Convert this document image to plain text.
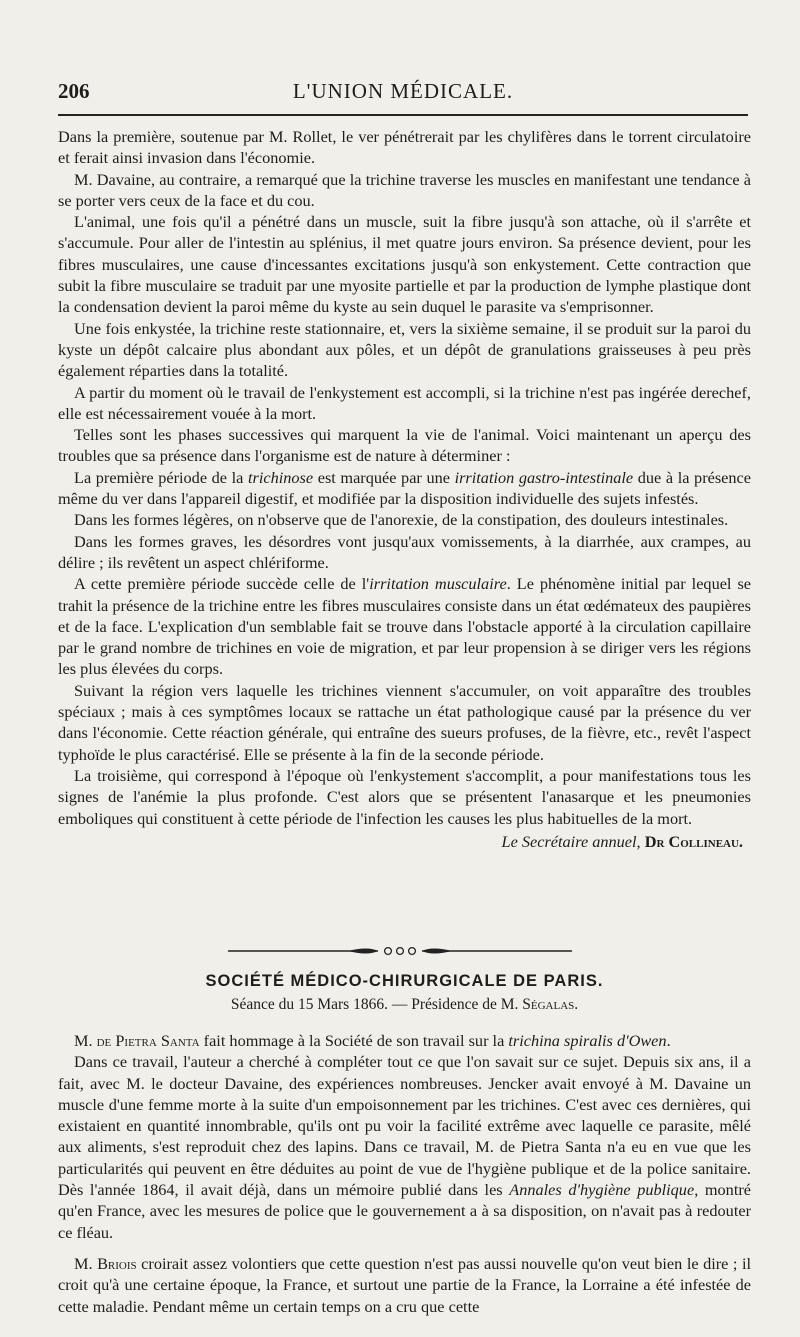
206	L'UNION MÉDICALE.

Dans la première, soutenue par M. Rollet, le ver pénétrerait par les chylifères dans le torrent circulatoire et ferait ainsi invasion dans l'économie.

M. Davaine, au contraire, a remarqué que la trichine traverse les muscles en manifestant une tendance à se porter vers ceux de la face et du cou.

L'animal, une fois qu'il a pénétré dans un muscle, suit la fibre jusqu'à son attache, où il s'arrête et s'accumule. Pour aller de l'intestin au splénius, il met quatre jours environ. Sa présence devient, pour les fibres musculaires, une cause d'incessantes excitations jusqu'à son enkystement. Cette contraction que subit la fibre musculaire se traduit par une myosite partielle et par la production de lymphe plastique dont la condensation devient la paroi même du kyste au sein duquel le parasite va s'emprisonner.

Une fois enkystée, la trichine reste stationnaire, et, vers la sixième semaine, il se produit sur la paroi du kyste un dépôt calcaire plus abondant aux pôles, et un dépôt de granulations graisseuses à peu près également réparties dans la totalité.

A partir du moment où le travail de l'enkystement est accompli, si la trichine n'est pas ingérée derechef, elle est nécessairement vouée à la mort.

Telles sont les phases successives qui marquent la vie de l'animal. Voici maintenant un aperçu des troubles que sa présence dans l'organisme est de nature à déterminer :

La première période de la trichinose est marquée par une irritation gastro-intestinale due à la présence même du ver dans l'appareil digestif, et modifiée par la disposition individuelle des sujets infestés.

Dans les formes légères, on n'observe que de l'anorexie, de la constipation, des douleurs intestinales.

Dans les formes graves, les désordres vont jusqu'aux vomissements, à la diarrhée, aux crampes, au délire ; ils revêtent un aspect chlériforme.

A cette première période succède celle de l'irritation musculaire. Le phénomène initial par lequel se trahit la présence de la trichine entre les fibres musculaires consiste dans un état œdémateux des paupières et de la face. L'explication d'un semblable fait se trouve dans l'obstacle apporté à la circulation capillaire par le grand nombre de trichines en voie de migration, et par leur propension à se diriger vers les régions les plus élevées du corps.

Suivant la région vers laquelle les trichines viennent s'accumuler, on voit apparaître des troubles spéciaux ; mais à ces symptômes locaux se rattache un état pathologique causé par la présence du ver dans l'économie. Cette réaction générale, qui entraîne des sueurs profuses, de la fièvre, etc., revêt l'aspect typhoïde le plus caractérisé. Elle se présente à la fin de la seconde période.

La troisième, qui correspond à l'époque où l'enkystement s'accomplit, a pour manifestations tous les signes de l'anémie la plus profonde. C'est alors que se présentent l'anasarque et les pneumonies emboliques qui constituent à cette période de l'infection les causes les plus habituelles de la mort.

Le Secrétaire annuel, Dr Collineau.
SOCIÉTÉ MÉDICO-CHIRURGICALE DE PARIS.
Séance du 15 Mars 1866. — Présidence de M. Ségalas.

M. de Pietra Santa fait hommage à la Société de son travail sur la trichina spiralis d'Owen.

Dans ce travail, l'auteur a cherché à compléter tout ce que l'on savait sur ce sujet. Depuis six ans, il a fait, avec M. le docteur Davaine, des expériences nombreuses. Jencker avait envoyé à M. Davaine un muscle d'une femme morte à la suite d'un empoisonnement par les trichines. C'est avec ces dernières, qui existaient en quantité innombrable, qu'ils ont pu voir la facilité extrême avec laquelle ce parasite, mêlé aux aliments, s'est reproduit chez des lapins. Dans ce travail, M. de Pietra Santa n'a eu en vue que les particularités qui peuvent en être déduites au point de vue de l'hygiène publique et de la police sanitaire. Dès l'année 1864, il avait déjà, dans un mémoire publié dans les Annales d'hygiène publique, montré qu'en France, avec les mesures de police que le gouvernement a à sa disposition, on n'avait pas à redouter ce fléau.

M. Briois croirait assez volontiers que cette question n'est pas aussi nouvelle qu'on veut bien le dire ; il croit qu'à une certaine époque, la France, et surtout une partie de la France, la Lorraine a été infestée de cette maladie. Pendant même un certain temps on a cru que cette
